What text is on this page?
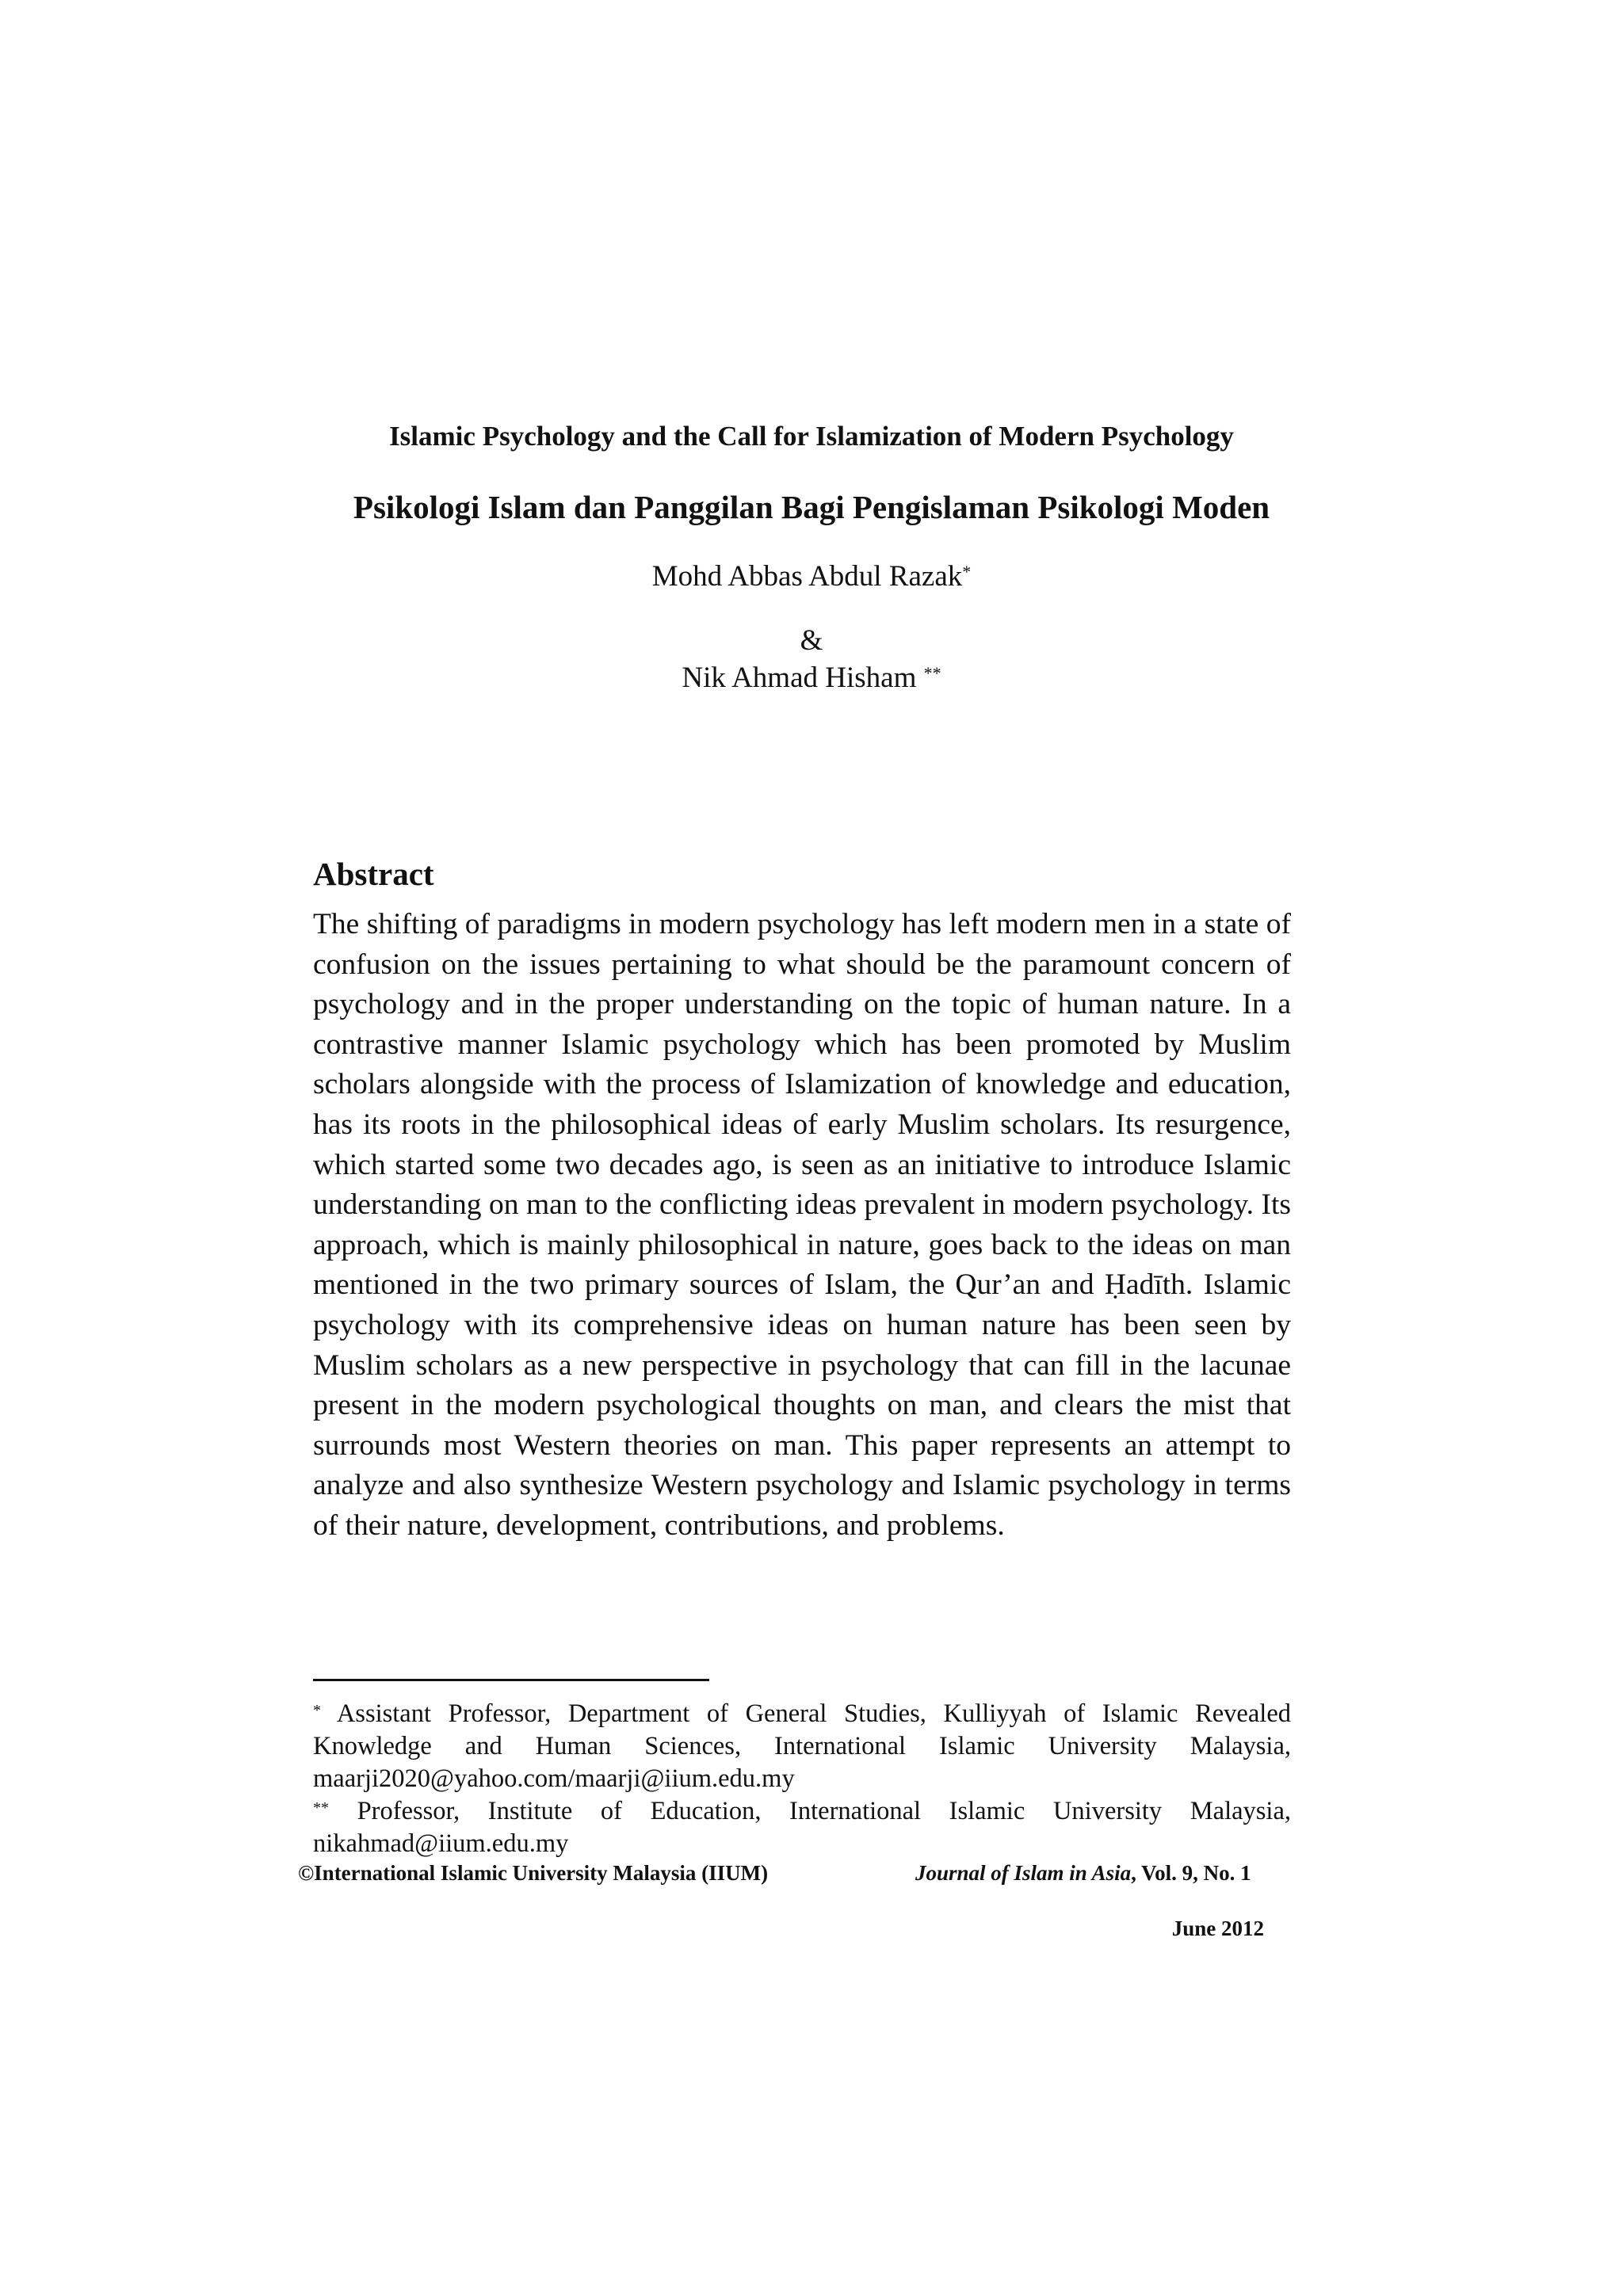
Islamic Psychology and the Call for Islamization of Modern Psychology
Psikologi Islam dan Panggilan Bagi Pengislaman Psikologi Moden
Mohd Abbas Abdul Razak*
&
Nik Ahmad Hisham **
Abstract

The shifting of paradigms in modern psychology has left modern men in a state of confusion on the issues pertaining to what should be the paramount concern of psychology and in the proper understanding on the topic of human nature. In a contrastive manner Islamic psychology which has been promoted by Muslim scholars alongside with the process of Islamization of knowledge and education, has its roots in the philosophical ideas of early Muslim scholars. Its resurgence, which started some two decades ago, is seen as an initiative to introduce Islamic understanding on man to the conflicting ideas prevalent in modern psychology. Its approach, which is mainly philosophical in nature, goes back to the ideas on man mentioned in the two primary sources of Islam, the Qur’an and Ḥadīth. Islamic psychology with its comprehensive ideas on human nature has been seen by Muslim scholars as a new perspective in psychology that can fill in the lacunae present in the modern psychological thoughts on man, and clears the mist that surrounds most Western theories on man. This paper represents an attempt to analyze and also synthesize Western psychology and Islamic psychology in terms of their nature, development, contributions, and problems.

* Assistant Professor, Department of General Studies, Kulliyyah of Islamic Revealed Knowledge and Human Sciences, International Islamic University Malaysia, maarji2020@yahoo.com/maarji@iium.edu.my

** Professor, Institute of Education, International Islamic University Malaysia, nikahmad@iium.edu.my

©International Islamic University Malaysia (IIUM)	Journal of Islam in Asia, Vol. 9, No. 1
June 2012
